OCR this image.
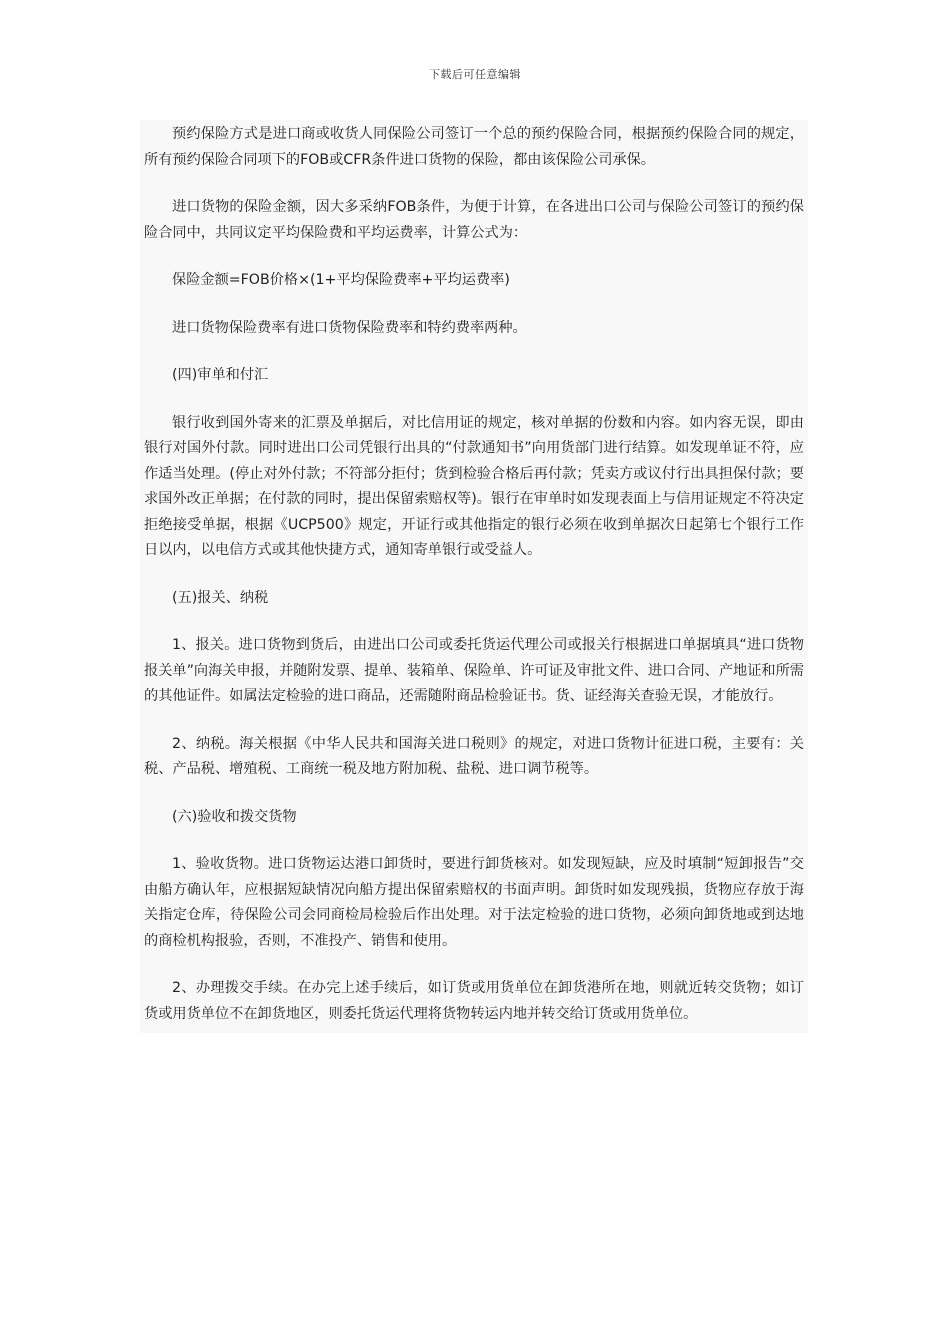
下载后可任意编辑

预约保险方式是进口商或收货人同保险公司签订一个总的预约保险合同，根据预约保险合同的规定，所有预约保险合同项下的FOB或CFR条件进口货物的保险，都由该保险公司承保。

进口货物的保险金额，因大多采纳FOB条件，为便于计算，在各进出口公司与保险公司签订的预约保险合同中，共同议定平均保险费和平均运费率，计算公式为：

保险金额=FOB价格×(1+平均保险费率+平均运费率)

进口货物保险费率有进口货物保险费率和特约费率两种。

(四)审单和付汇

银行收到国外寄来的汇票及单据后，对比信用证的规定，核对单据的份数和内容。如内容无误，即由银行对国外付款。同时进出口公司凭银行出具的“付款通知书”向用货部门进行结算。如发现单证不符，应作适当处理。(停止对外付款；不符部分拒付；货到检验合格后再付款；凭卖方或议付行出具担保付款；要求国外改正单据；在付款的同时，提出保留索赔权等)。银行在审单时如发现表面上与信用证规定不符决定拒绝接受单据，根据《UCP500》规定，开证行或其他指定的银行必须在收到单据次日起第七个银行工作日以内，以电信方式或其他快捷方式，通知寄单银行或受益人。

(五)报关、纳税

1、报关。进口货物到货后，由进出口公司或委托货运代理公司或报关行根据进口单据填具“进口货物报关单”向海关申报，并随附发票、提单、装箱单、保险单、许可证及审批文件、进口合同、产地证和所需的其他证件。如属法定检验的进口商品，还需随附商品检验证书。货、证经海关查验无误，才能放行。

2、纳税。海关根据《中华人民共和国海关进口税则》的规定，对进口货物计征进口税，主要有：关税、产品税、增殖税、工商统一税及地方附加税、盐税、进口调节税等。

(六)验收和拨交货物

1、验收货物。进口货物运达港口卸货时，要进行卸货核对。如发现短缺，应及时填制“短卸报告”交由船方确认年，应根据短缺情况向船方提出保留索赔权的书面声明。卸货时如发现残损，货物应存放于海关指定仓库，待保险公司会同商检局检验后作出处理。对于法定检验的进口货物，必须向卸货地或到达地的商检机构报验，否则，不准投产、销售和使用。

2、办理拨交手续。在办完上述手续后，如订货或用货单位在卸货港所在地，则就近转交货物；如订货或用货单位不在卸货地区，则委托货运代理将货物转运内地并转交给订货或用货单位。
